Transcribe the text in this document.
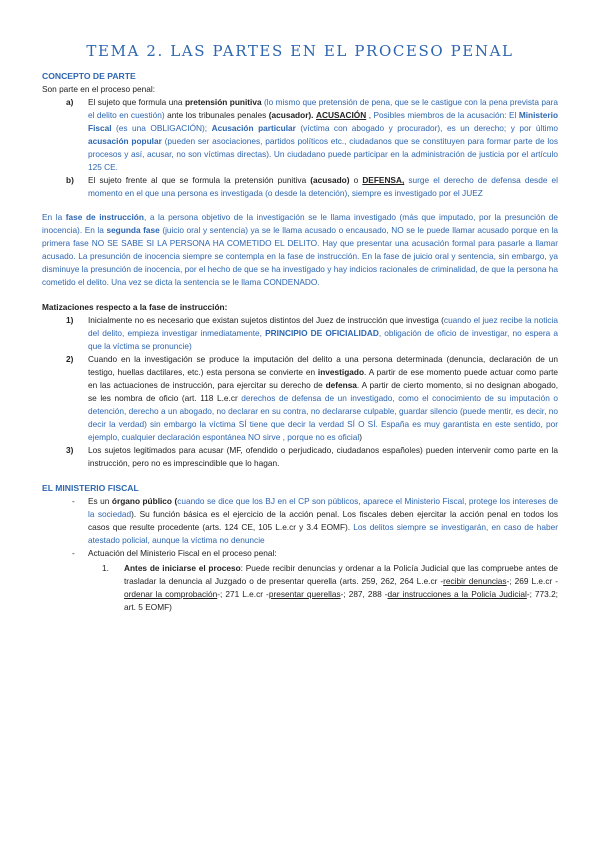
TEMA 2. LAS PARTES EN EL PROCESO PENAL
CONCEPTO DE PARTE

Son parte en el proceso penal:

a)	El sujeto que formula una pretensión punitiva (lo mismo que pretensión de pena, que se le castigue con la pena prevista para el delito en cuestión) ante los tribunales penales (acusador). ACUSACIÓN , Posibles miembros de la acusación: El Ministerio Fiscal (es una OBLIGACIÓN); Acusación particular (víctima con abogado y procurador), es un derecho; y por último acusación popular (pueden ser asociaciones, partidos políticos etc., ciudadanos que se constituyen para formar parte de los procesos y así, acusar, no son víctimas directas). Un ciudadano puede participar en la administración de justicia por el artículo 125 CE.
b)	El sujeto frente al que se formula la pretensión punitiva (acusado) o DEFENSA, surge el derecho de defensa desde el momento en el que una persona es investigada (o desde la detención), siempre es investigado por el JUEZ

En la fase de instrucción, a la persona objetivo de la investigación se le llama investigado (más que imputado, por la presunción de inocencia). En la segunda fase (juicio oral y sentencia) ya se le llama acusado o encausado, NO se le puede llamar acusado porque en la primera fase NO SE SABE SI LA PERSONA HA COMETIDO EL DELITO. Hay que presentar una acusación formal para pasarle a llamar acusado. La presunción de inocencia siempre se contempla en la fase de instrucción. En la fase de juicio oral y sentencia, sin embargo, ya disminuye la presunción de inocencia, por el hecho de que se ha investigado y hay indicios racionales de criminalidad, de que la persona ha cometido el delito. Una vez se dicta la sentencia se le llama CONDENADO.

Matizaciones respecto a la fase de instrucción:
1)	Inicialmente no es necesario que existan sujetos distintos del Juez de instrucción que investiga (cuando el juez recibe la noticia del delito, empieza investigar inmediatamente, PRINCIPIO DE OFICIALIDAD, obligación de oficio de investigar, no espera a que la víctima se pronuncie)
2)	Cuando en la investigación se produce la imputación del delito a una persona determinada (denuncia, declaración de un testigo, huellas dactilares, etc.) esta persona se convierte en investigado. A partir de ese momento puede actuar como parte en las actuaciones de instrucción, para ejercitar su derecho de defensa. A partir de cierto momento, si no designan abogado, se les nombra de oficio (art. 118 L.e.cr derechos de defensa de un investigado, como el conocimiento de su imputación o detención, derecho a un abogado, no declarar en su contra, no declararse culpable, guardar silencio (puede mentir, es decir, no decir la verdad) sin embargo la víctima SÍ tiene que decir la verdad SÍ O SÍ. España es muy garantista en este sentido, por ejemplo, cualquier declaración espontánea NO sirve , porque no es oficial)
3)	Los sujetos legitimados para acusar (MF, ofendido o perjudicado, ciudadanos españoles) pueden intervenir como parte en la instrucción, pero no es imprescindible que lo hagan.
EL MINISTERIO FISCAL
-	Es un órgano público (cuando se dice que los BJ en el CP son públicos, aparece el Ministerio Fiscal, protege los intereses de la sociedad). Su función básica es el ejercicio de la acción penal. Los fiscales deben ejercitar la acción penal en todos los casos que resulte procedente (arts. 124 CE, 105 L.e.cr y 3.4 EOMF). Los delitos siempre se investigarán, en caso de haber atestado policial, aunque la víctima no denuncie
-	Actuación del Ministerio Fiscal en el proceso penal:
1.	Antes de iniciarse el proceso: Puede recibir denuncias y ordenar a la Policía Judicial que las compruebe antes de trasladar la denuncia al Juzgado o de presentar querella (arts. 259, 262, 264 L.e.cr -recibir denuncias-; 269 L.e.cr - ordenar la comprobación-; 271 L.e.cr -presentar querellas-; 287, 288 -dar instrucciones a la Policía Judicial-; 773.2; art. 5 EOMF)
